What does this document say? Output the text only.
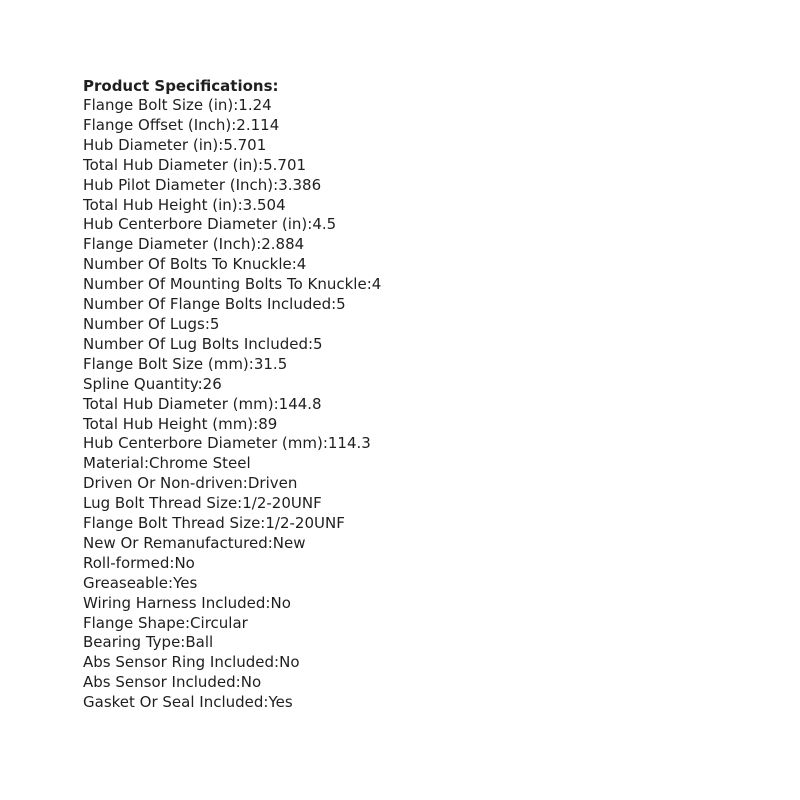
Product Specifications:
Flange Bolt Size (in):1.24
Flange Offset (Inch):2.114
Hub Diameter (in):5.701
Total Hub Diameter (in):5.701
Hub Pilot Diameter (Inch):3.386
Total Hub Height (in):3.504
Hub Centerbore Diameter (in):4.5
Flange Diameter (Inch):2.884
Number Of Bolts To Knuckle:4
Number Of Mounting Bolts To Knuckle:4
Number Of Flange Bolts Included:5
Number Of Lugs:5
Number Of Lug Bolts Included:5
Flange Bolt Size (mm):31.5
Spline Quantity:26
Total Hub Diameter (mm):144.8
Total Hub Height (mm):89
Hub Centerbore Diameter (mm):114.3
Material:Chrome Steel
Driven Or Non-driven:Driven
Lug Bolt Thread Size:1/2-20UNF
Flange Bolt Thread Size:1/2-20UNF
New Or Remanufactured:New
Roll-formed:No
Greaseable:Yes
Wiring Harness Included:No
Flange Shape:Circular
Bearing Type:Ball
Abs Sensor Ring Included:No
Abs Sensor Included:No
Gasket Or Seal Included:Yes
